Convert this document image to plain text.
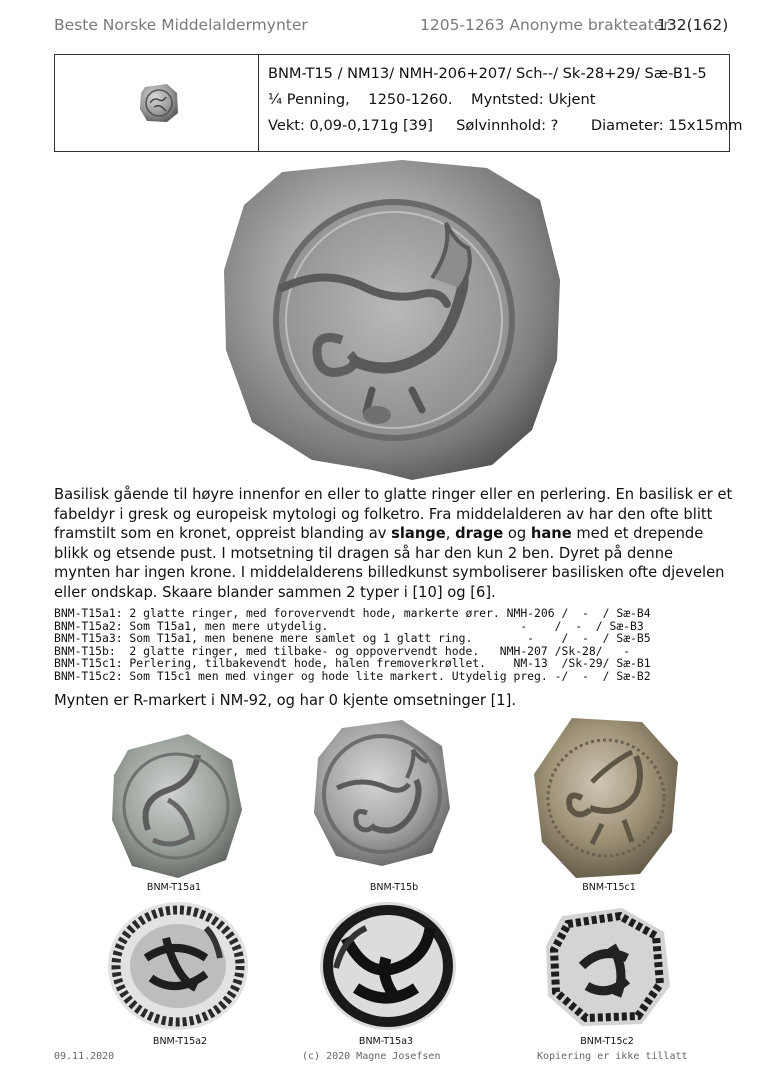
Beste Norske Middelaldermynter	1205-1263 Anonyme brakteater
132(162)
BNM-T15 / NM13/ NMH-206+207/ Sch--/ Sk-28+29/ Sæ-B1-5
¼ Penning,    1250-1260.    Myntsted: Ukjent
Vekt: 0,09-0,171g [39]     Sølvinnhold: ?       Diameter: 15x15mm
Basilisk gående til høyre innenfor en eller to glatte ringer eller en perlering. En basilisk er et fabeldyr i gresk og europeisk mytologi og folketro. Fra middelalderen av har den ofte blitt framstilt som en kronet, oppreist blanding av slange, drage og hane med et drepende blikk og etsende pust. I motsetning til dragen så har den kun 2 ben. Dyret på denne mynten har ingen krone. I middelalderens billedkunst symboliserer basilisken ofte djevelen eller ondskap. Skaare blander sammen 2 typer i [10] og [6].
BNM-T15a1: 2 glatte ringer, med forovervendt hode, markerte ører. NMH-206 /  -  / Sæ-B4
BNM-T15a2: Som T15a1, men mere utydelig.                            -    /  -  / Sæ-B3
BNM-T15a3: Som T15a1, men benene mere samlet og 1 glatt ring.        -    /  -  / Sæ-B5
BNM-T15b:  2 glatte ringer, med tilbake- og oppovervendt hode.   NMH-207 /Sk-28/   -
BNM-T15c1: Perlering, tilbakevendt hode, halen fremoverkrøllet.    NM-13  /Sk-29/ Sæ-B1
BNM-T15c2: Som T15c1 men med vinger og hode lite markert. Utydelig preg. -/  -  / Sæ-B2
Mynten er R-markert i NM-92, og har 0 kjente omsetninger [1].
BNM-T15a1	BNM-T15b	BNM-T15c1
BNM-T15a2	BNM-T15a3	BNM-T15c2
09.11.2020	(c) 2020 Magne Josefsen	Kopiering er ikke tillatt
